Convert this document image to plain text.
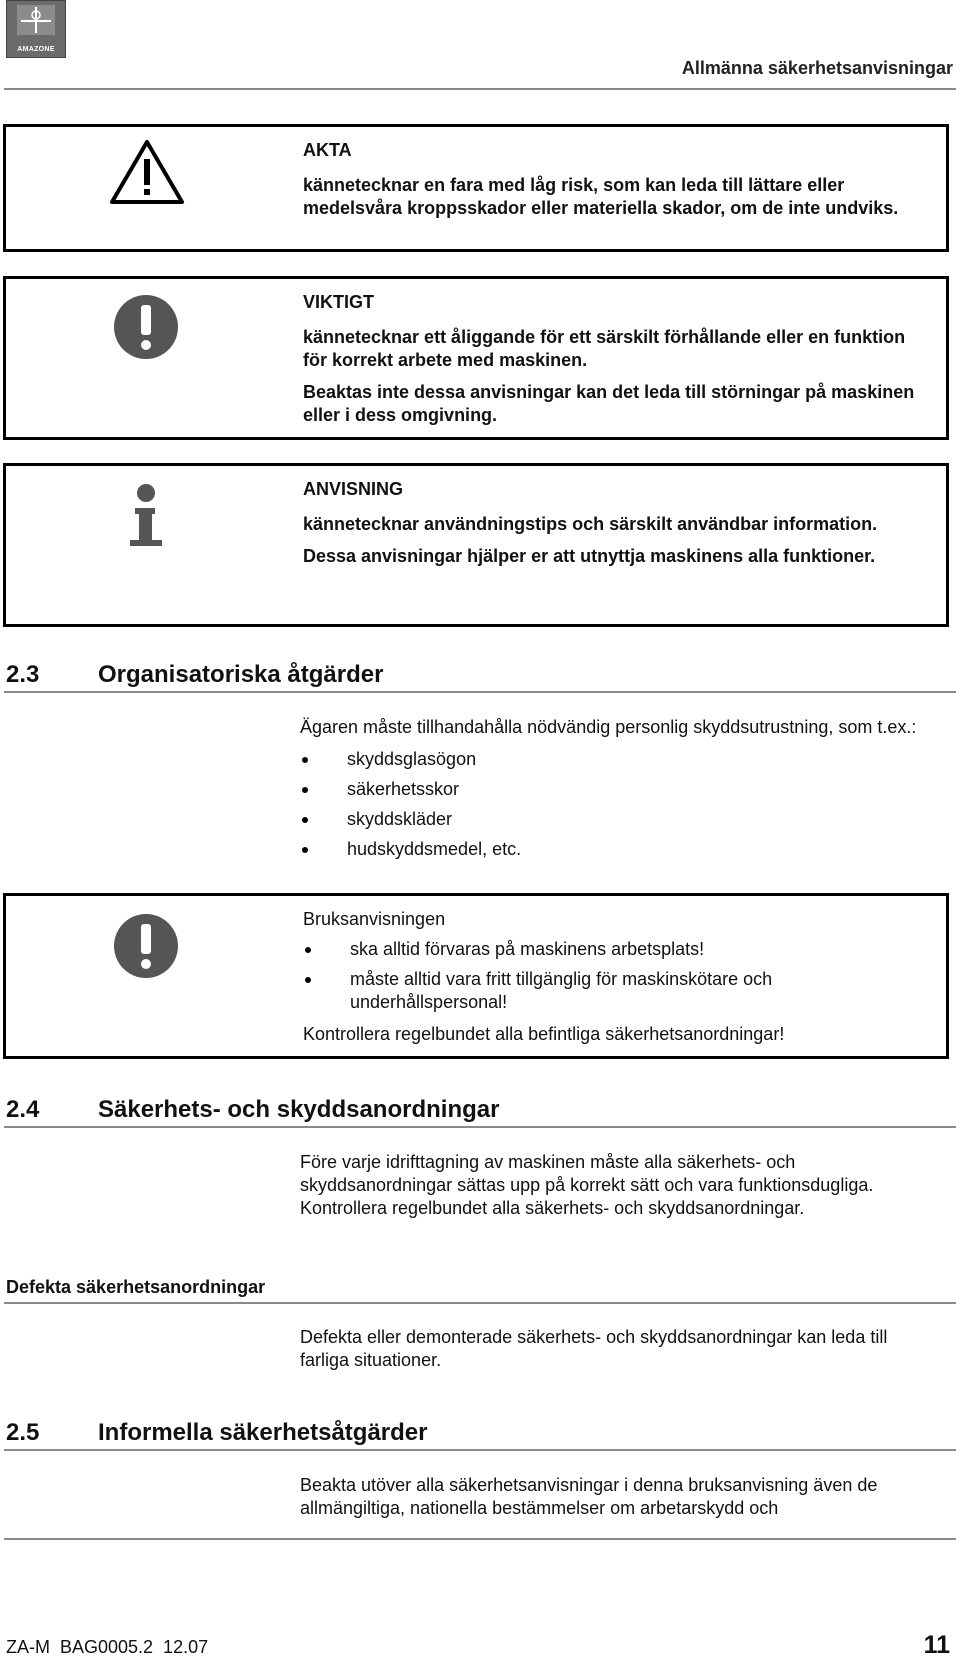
AMAZONE
Allmänna säkerhetsanvisningar

AKTA

kännetecknar en fara med låg risk, som kan leda till lättare eller medelsvåra kroppsskador eller materiella skador, om de inte undviks.

VIKTIGT

kännetecknar ett åliggande för ett särskilt förhållande eller en funktion för korrekt arbete med maskinen.

Beaktas inte dessa anvisningar kan det leda till störningar på maskinen eller i dess omgivning.

ANVISNING

kännetecknar användningstips och särskilt användbar information.

Dessa anvisningar hjälper er att utnyttja maskinens alla funktioner.

2.3 Organisatoriska åtgärder

Ägaren måste tillhandahålla nödvändig personlig skyddsutrustning, som t.ex.:

skyddsglasögon
säkerhetsskor
skyddskläder
hudskyddsmedel, etc.

Bruksanvisningen

ska alltid förvaras på maskinens arbetsplats!
måste alltid vara fritt tillgänglig för maskinskötare och underhållspersonal!

Kontrollera regelbundet alla befintliga säkerhetsanordningar!

2.4 Säkerhets- och skyddsanordningar

Före varje idrifttagning av maskinen måste alla säkerhets- och skyddsanordningar sättas upp på korrekt sätt och vara funktionsdugliga. Kontrollera regelbundet alla säkerhets- och skyddsanordningar.

Defekta säkerhetsanordningar

Defekta eller demonterade säkerhets- och skyddsanordningar kan leda till farliga situationer.

2.5 Informella säkerhetsåtgärder

Beakta utöver alla säkerhetsanvisningar i denna bruksanvisning även de allmängiltiga, nationella bestämmelser om arbetarskydd och

ZA-M  BAG0005.2  12.07	11
